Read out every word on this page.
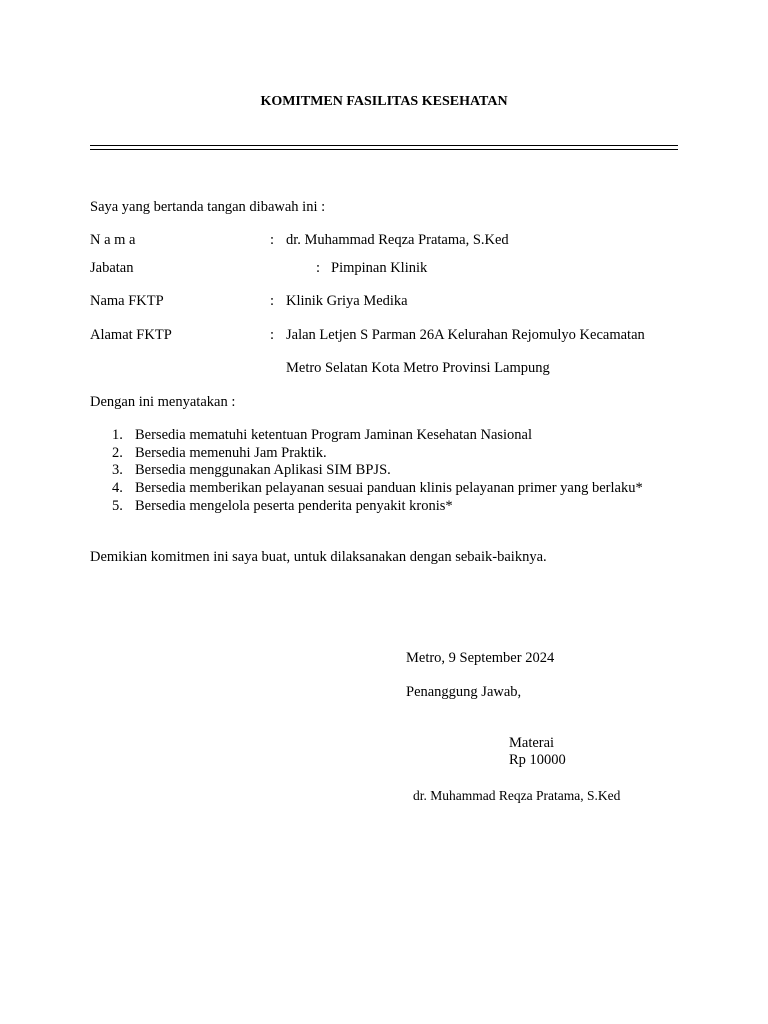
KOMITMEN FASILITAS KESEHATAN
Saya yang bertanda tangan dibawah ini :
N a m a	: dr. Muhammad Reqza Pratama, S.Ked
Jabatan	: Pimpinan Klinik
Nama FKTP	: Klinik Griya Medika
Alamat FKTP	: Jalan Letjen S Parman 26A Kelurahan Rejomulyo Kecamatan
Metro Selatan Kota Metro Provinsi Lampung
Dengan ini menyatakan :
1. Bersedia mematuhi ketentuan Program Jaminan Kesehatan Nasional
2. Bersedia memenuhi Jam Praktik.
3. Bersedia menggunakan Aplikasi SIM BPJS.
4. Bersedia memberikan pelayanan sesuai panduan klinis pelayanan primer yang berlaku*
5. Bersedia mengelola peserta penderita penyakit kronis*
Demikian komitmen ini saya buat, untuk dilaksanakan dengan sebaik-baiknya.
Metro, 9 September 2024
Penanggung Jawab,
Materai
Rp 10000
dr. Muhammad Reqza Pratama, S.Ked
